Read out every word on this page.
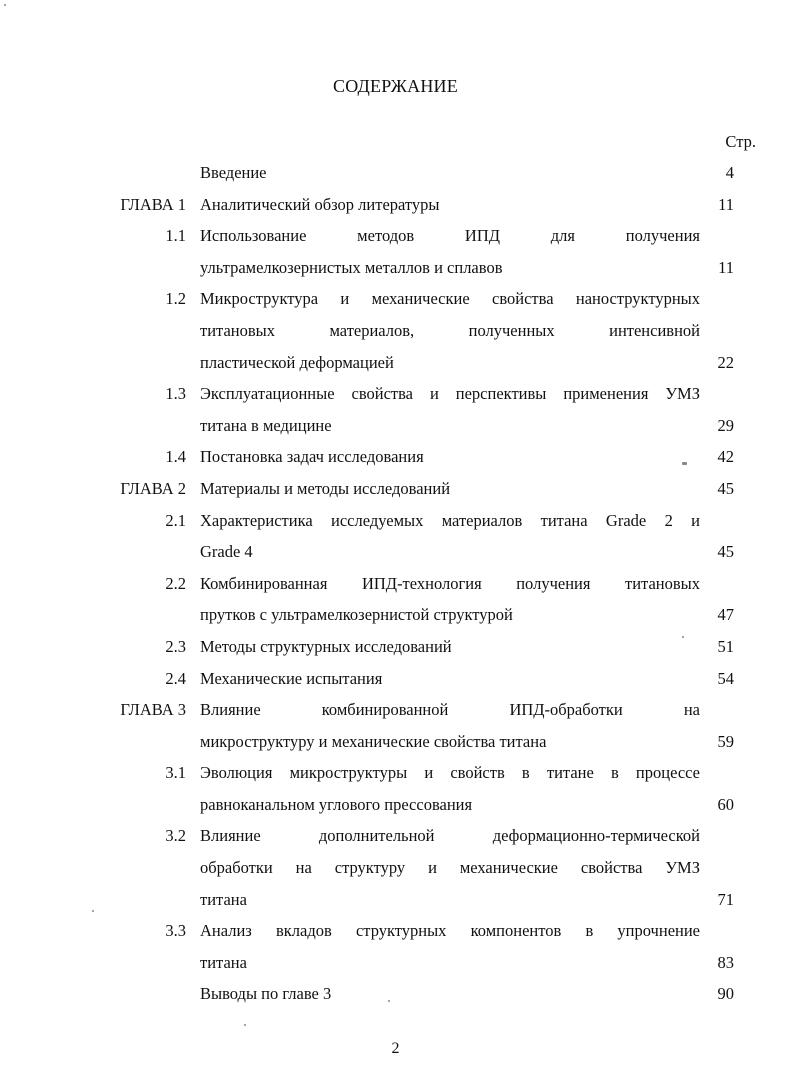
СОДЕРЖАНИЕ
Стр.
Введение	4
ГЛАВА 1 Аналитический обзор литературы	11
1.1 Использование методов ИПД для получения
ультрамелкозернистых металлов и сплавов	11
1.2 Микроструктура и механические свойства наноструктурных
титановых материалов, полученных интенсивной
пластической деформацией	22
1.3 Эксплуатационные свойства и перспективы применения УМЗ
титана в медицине	29
1.4 Постановка задач исследования	42
ГЛАВА 2 Материалы и методы исследований	45
2.1 Характеристика исследуемых материалов титана Grade 2 и
Grade 4	45
2.2 Комбинированная ИПД-технология получения титановых
прутков с ультрамелкозернистой структурой	47
2.3 Методы структурных исследований	51
2.4 Механические испытания	54
ГЛАВА 3 Влияние комбинированной ИПД-обработки на
микроструктуру и механические свойства титана	59
3.1 Эволюция микроструктуры и свойств в титане в процессе
равноканальном углового прессования	60
3.2 Влияние дополнительной деформационно-термической
обработки на структуру и механические свойства УМЗ
титана	71
3.3 Анализ вкладов структурных компонентов в упрочнение
титана	83
Выводы по главе 3	90
2
